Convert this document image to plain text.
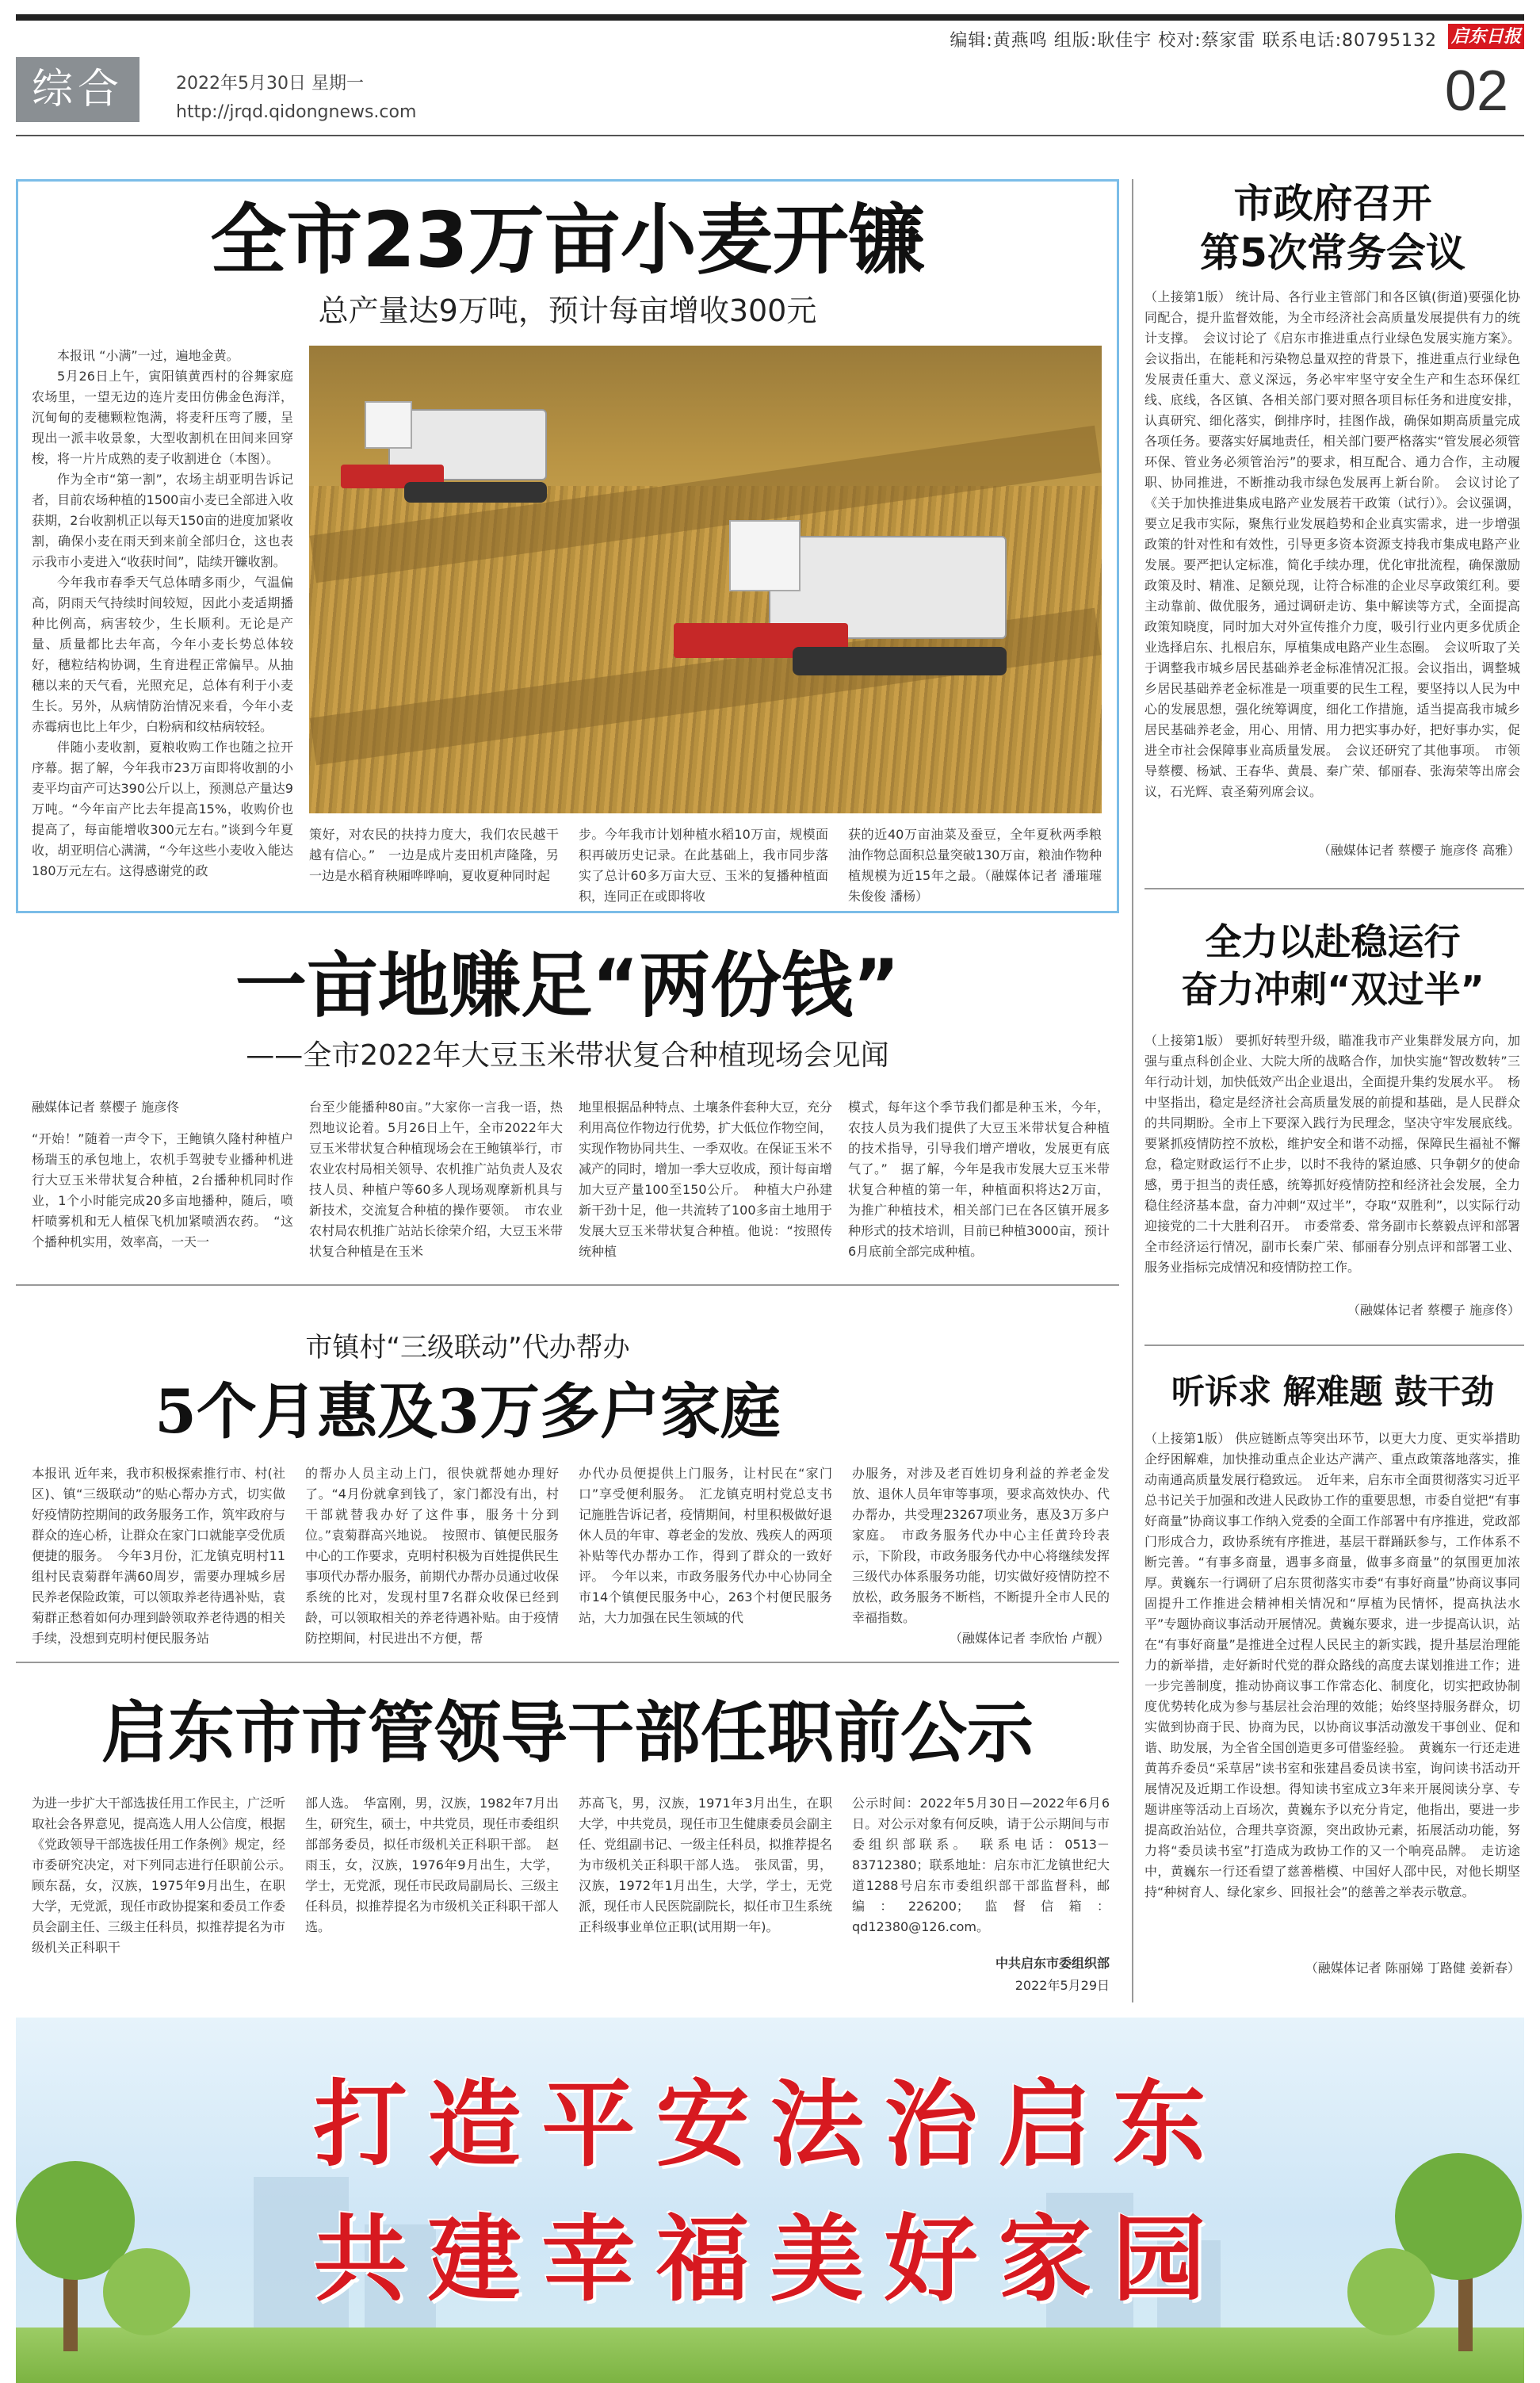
编辑:黄燕鸣 组版:耿佳宇 校对:蔡家雷 联系电话:80795132 启东日报
综合	2022年5月30日 星期一
http://jrqd.qidongnews.com	02
全市23万亩小麦开镰
总产量达9万吨，预计每亩增收300元

本报讯 “小满”一过，遍地金黄。

5月26日上午，寅阳镇黄西村的谷舞家庭农场里，一望无边的连片麦田仿佛金色海洋，沉甸甸的麦穗颗粒饱满，将麦秆压弯了腰，呈现出一派丰收景象，大型收割机在田间来回穿梭，将一片片成熟的麦子收割进仓（本图）。

作为全市“第一割”，农场主胡亚明告诉记者，目前农场种植的1500亩小麦已全部进入收获期，2台收割机正以每天150亩的进度加紧收割，确保小麦在雨天到来前全部归仓，这也表示我市小麦进入“收获时间”，陆续开镰收割。

今年我市春季天气总体晴多雨少，气温偏高，阴雨天气持续时间较短，因此小麦适期播种比例高，病害较少，生长顺利。无论是产量、质量都比去年高，今年小麦长势总体较好，穗粒结构协调，生育进程正常偏早。从抽穗以来的天气看，光照充足，总体有利于小麦生长。另外，从病情防治情况来看，今年小麦赤霉病也比上年少，白粉病和纹枯病较轻。

伴随小麦收割，夏粮收购工作也随之拉开序幕。据了解，今年我市23万亩即将收割的小麦平均亩产可达390公斤以上，预测总产量达9万吨。“今年亩产比去年提高15%，收购价也提高了，每亩能增收300元左右。”谈到今年夏收，胡亚明信心满满，“今年这些小麦收入能达180万元左右。这得感谢党的政

策好，对农民的扶持力度大，我们农民越干越有信心。”　一边是成片麦田机声隆隆，另一边是水稻育秧厢哗哗响，夏收夏种同时起
步。今年我市计划种植水稻10万亩，规模面积再破历史记录。在此基础上，我市同步落实了总计60多万亩大豆、玉米的复播种植面积，连同正在或即将收
获的近40万亩油菜及蚕豆，全年夏秋两季粮油作物总面积总量突破130万亩，粮油作物种植规模为近15年之最。（融媒体记者 潘璀璀 朱俊俊 潘杨）
一亩地赚足“两份钱”
——全市2022年大豆玉米带状复合种植现场会见闻
融媒体记者 蔡樱子 施彦佟
“开始！”随着一声令下，王鲍镇久隆村种植户杨瑞玉的承包地上，农机手驾驶专业播种机进行大豆玉米带状复合种植，2台播种机同时作业，1个小时能完成20多亩地播种，随后，喷杆喷雾机和无人植保飞机加紧喷洒农药。　“这个播种机实用，效率高，一天一
台至少能播种80亩。”大家你一言我一语，热烈地议论着。5月26日上午，全市2022年大豆玉米带状复合种植现场会在王鲍镇举行，市农业农村局相关领导、农机推广站负责人及农技人员、种植户等60多人现场观摩新机具与新技术，交流复合种植的操作要领。　市农业农村局农机推广站站长徐荣介绍，大豆玉米带状复合种植是在玉米
地里根据品种特点、土壤条件套种大豆，充分利用高位作物边行优势，扩大低位作物空间，实现作物协同共生、一季双收。在保证玉米不减产的同时，增加一季大豆收成，预计每亩增加大豆产量100至150公斤。　种植大户孙建新干劲十足，他一共流转了100多亩土地用于发展大豆玉米带状复合种植。他说：“按照传统种植
模式，每年这个季节我们都是种玉米，今年，农技人员为我们提供了大豆玉米带状复合种植的技术指导，引导我们增产增收，发展更有底气了。”　据了解，今年是我市发展大豆玉米带状复合种植的第一年，种植面积将达2万亩，为推广种植技术，相关部门已在各区镇开展多种形式的技术培训，目前已种植3000亩，预计6月底前全部完成种植。
市镇村“三级联动”代办帮办
5个月惠及3万多户家庭
本报讯 近年来，我市积极探索推行市、村(社区)、镇“三级联动”的贴心帮办方式，切实做好疫情防控期间的政务服务工作，筑牢政府与群众的连心桥，让群众在家门口就能享受优质便捷的服务。　今年3月份，汇龙镇克明村11组村民袁菊群年满60周岁，需要办理城乡居民养老保险政策，可以领取养老待遇补贴，袁菊群正愁着如何办理到龄领取养老待遇的相关手续，没想到克明村便民服务站
的帮办人员主动上门，很快就帮她办理好了。“4月份就拿到钱了，家门都没有出，村干部就替我办好了这件事，服务十分到位。”袁菊群高兴地说。　按照市、镇便民服务中心的工作要求，克明村积极为百姓提供民生事项代办帮办服务，前期代办帮办员通过收保系统的比对，发现村里7名群众收保已经到龄，可以领取相关的养老待遇补贴。由于疫情防控期间，村民进出不方便，帮
办代办员便提供上门服务，让村民在“家门口”享受便利服务。　汇龙镇克明村党总支书记施胜告诉记者，疫情期间，村里积极做好退休人员的年审、尊老金的发放、残疾人的两项补贴等代办帮办工作，得到了群众的一致好评。　今年以来，市政务服务代办中心协同全市14个镇便民服务中心，263个村便民服务站，大力加强在民生领域的代
办服务，对涉及老百姓切身利益的养老金发放、退休人员年审等事项，要求高效快办、代办帮办，共受理23267项业务，惠及3万多户家庭。　市政务服务代办中心主任黄玲玲表示，下阶段，市政务服务代办中心将继续发挥三级代办体系服务功能，切实做好疫情防控不放松，政务服务不断档，不断提升全市人民的幸福指数。
（融媒体记者 李欣怡 卢靓）
启东市市管领导干部任职前公示
为进一步扩大干部选拔任用工作民主，广泛听取社会各界意见，提高选人用人公信度，根据《党政领导干部选拔任用工作条例》规定，经市委研究决定，对下列同志进行任职前公示。　顾东磊，女，汉族，1975年9月出生，在职大学，无党派，现任市政协提案和委员工作委员会副主任、三级主任科员，拟推荐提名为市级机关正科职干
部人选。　华富刚，男，汉族，1982年7月出生，研究生，硕士，中共党员，现任市委组织部部务委员，拟任市级机关正科职干部。　赵雨玉，女，汉族，1976年9月出生，大学，学士，无党派，现任市民政局副局长、三级主任科员，拟推荐提名为市级机关正科职干部人选。
苏高飞，男，汉族，1971年3月出生，在职大学，中共党员，现任市卫生健康委员会副主任、党组副书记、一级主任科员，拟推荐提名为市级机关正科职干部人选。　张凤雷，男，汉族，1972年1月出生，大学，学士，无党派，现任市人民医院副院长，拟任市卫生系统正科级事业单位正职(试用期一年)。
公示时间：2022年5月30日—2022年6月6日。对公示对象有何反映，请于公示期间与市委组织部联系。　联系电话：0513－83712380；联系地址：启东市汇龙镇世纪大道1288号启东市委组织部干部监督科，邮编：226200；监督信箱：qd12380@126.com。
中共启东市委组织部
2022年5月29日
市政府召开
第5次常务会议
（上接第1版） 统计局、各行业主管部门和各区镇(街道)要强化协同配合，提升监督效能，为全市经济社会高质量发展提供有力的统计支撑。　会议讨论了《启东市推进重点行业绿色发展实施方案》。会议指出，在能耗和污染物总量双控的背景下，推进重点行业绿色发展责任重大、意义深远，务必牢牢坚守安全生产和生态环保红线、底线，各区镇、各相关部门要对照各项目标任务和进度安排，认真研究、细化落实，倒排序时，挂图作战，确保如期高质量完成各项任务。要落实好属地责任，相关部门要严格落实“管发展必须管环保、管业务必须管治污”的要求，相互配合、通力合作，主动履职、协同推进，不断推动我市绿色发展再上新台阶。　会议讨论了《关于加快推进集成电路产业发展若干政策（试行）》。会议强调，要立足我市实际，聚焦行业发展趋势和企业真实需求，进一步增强政策的针对性和有效性，引导更多资本资源支持我市集成电路产业发展。要严把认定标准，简化手续办理，优化审批流程，确保激励政策及时、精准、足额兑现，让符合标准的企业尽享政策红利。要主动靠前、做优服务，通过调研走访、集中解读等方式，全面提高政策知晓度，同时加大对外宣传推介力度，吸引行业内更多优质企业选择启东、扎根启东，厚植集成电路产业生态圈。　会议听取了关于调整我市城乡居民基础养老金标准情况汇报。会议指出，调整城乡居民基础养老金标准是一项重要的民生工程，要坚持以人民为中心的发展思想，强化统筹调度，细化工作措施，适当提高我市城乡居民基础养老金，用心、用情、用力把实事办好，把好事办实，促进全市社会保障事业高质量发展。　会议还研究了其他事项。　市领导蔡樱、杨斌、王春华、黄晨、秦广荣、郁丽春、张海荣等出席会议，石光辉、袁圣菊列席会议。
（融媒体记者 蔡樱子 施彦佟 高雅）
全力以赴稳运行
奋力冲刺“双过半”
（上接第1版） 要抓好转型升级，瞄准我市产业集群发展方向，加强与重点科创企业、大院大所的战略合作，加快实施“智改数转”三年行动计划，加快低效产出企业退出，全面提升集约发展水平。　杨中坚指出，稳定是经济社会高质量发展的前提和基础，是人民群众的共同期盼。全市上下要深入践行为民理念，坚决守牢发展底线。要紧抓疫情防控不放松，维护安全和谐不动摇，保障民生福祉不懈怠，稳定财政运行不止步，以时不我待的紧迫感、只争朝夕的使命感，勇于担当的责任感，统筹抓好疫情防控和经济社会发展，全力稳住经济基本盘，奋力冲刺“双过半”，夺取“双胜利”，以实际行动迎接党的二十大胜利召开。　市委常委、常务副市长蔡毅点评和部署全市经济运行情况，副市长秦广荣、郁丽春分别点评和部署工业、服务业指标完成情况和疫情防控工作。
（融媒体记者 蔡樱子 施彦佟）
听诉求 解难题 鼓干劲
（上接第1版） 供应链断点等突出环节，以更大力度、更实举措助企纾困解难，加快推动重点企业达产满产、重点政策落地落实，推动南通高质量发展行稳致远。　近年来，启东市全面贯彻落实习近平总书记关于加强和改进人民政协工作的重要思想，市委自觉把“有事好商量”协商议事工作纳入党委的全面工作部署中有序推进，党政部门形成合力，政协系统有序推进，基层干群踊跃参与，工作体系不断完善。“有事多商量，遇事多商量，做事多商量”的氛围更加浓厚。黄巍东一行调研了启东贯彻落实市委“有事好商量”协商议事同固提升工作推进会精神相关情况和“厚植为民情怀，提高执法水平”专题协商议事活动开展情况。黄巍东要求，进一步提高认识，站在“有事好商量”是推进全过程人民民主的新实践，提升基层治理能力的新举措，走好新时代党的群众路线的高度去谋划推进工作；进一步完善制度，推动协商议事工作常态化、制度化，切实把政协制度优势转化成为参与基层社会治理的效能；始终坚持服务群众，切实做到协商于民、协商为民，以协商议事活动激发干事创业、促和谐、助发展，为全省全国创造更多可借鉴经验。　黄巍东一行还走进黄苒乔委员“采草居”读书室和张建昌委员读书室，询问读书活动开展情况及近期工作设想。得知读书室成立3年来开展阅读分享、专题讲座等活动上百场次，黄巍东予以充分肯定，他指出，要进一步提高政治站位，合理共享资源，突出政协元素，拓展活动功能，努力将“委员读书室”打造成为政协工作的又一个响亮品牌。　走访途中，黄巍东一行还看望了慈善楷模、中国好人邵中民，对他长期坚持“种树育人、绿化家乡、回报社会”的慈善之举表示敬意。
（融媒体记者 陈丽娣 丁路健 姜新春）
打造平安法治启东
共建幸福美好家园
